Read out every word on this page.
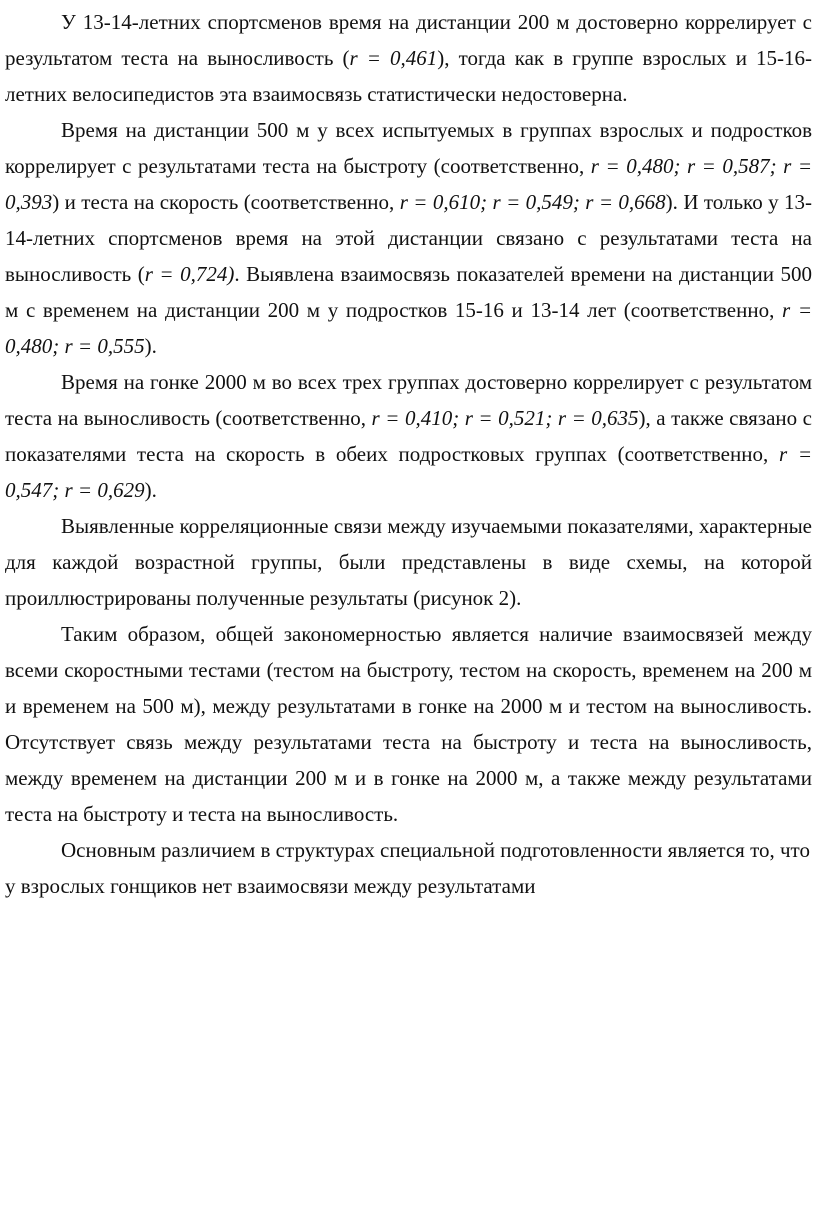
У 13-14-летних спортсменов время на дистанции 200 м достоверно коррелирует с результатом теста на выносливость (r = 0,461), тогда как в группе взрослых и 15-16-летних велосипедистов эта взаимосвязь статистически недостоверна.

Время на дистанции 500 м у всех испытуемых в группах взрослых и подростков коррелирует с результатами теста на быстроту (соответственно, r = 0,480; r = 0,587; r = 0,393) и теста на скорость (соответственно, r = 0,610; r = 0,549; r = 0,668). И только у 13-14-летних спортсменов время на этой дистанции связано с результатами теста на выносливость (r = 0,724). Выявлена взаимосвязь показателей времени на дистанции 500 м с временем на дистанции 200 м у подростков 15-16 и 13-14 лет (соответственно, r = 0,480; r = 0,555).

Время на гонке 2000 м во всех трех группах достоверно коррелирует с результатом теста на выносливость (соответственно, r = 0,410; r = 0,521; r = 0,635), а также связано с показателями теста на скорость в обеих подростковых группах (соответственно, r = 0,547; r = 0,629).

Выявленные корреляционные связи между изучаемыми показателями, характерные для каждой возрастной группы, были представлены в виде схемы, на которой проиллюстрированы полученные результаты (рисунок 2).

Таким образом, общей закономерностью является наличие взаимосвязей между всеми скоростными тестами (тестом на быстроту, тестом на скорость, временем на 200 м и временем на 500 м), между результатами в гонке на 2000 м и тестом на выносливость. Отсутствует связь между результатами теста на быстроту и теста на выносливость, между временем на дистанции 200 м и в гонке на 2000 м, а также между результатами теста на быстроту и теста на выносливость.

Основным различием в структурах специальной подготовленности является то, что у взрослых гонщиков нет взаимосвязи между результатами
